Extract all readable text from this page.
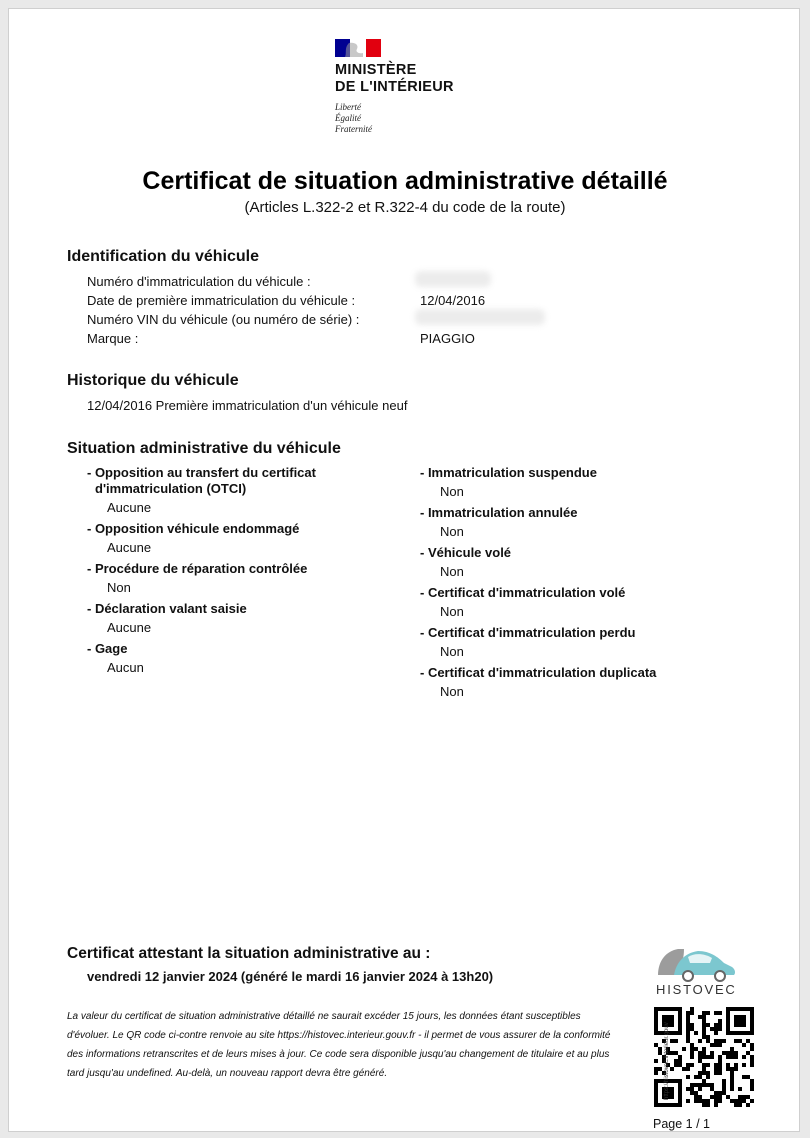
MINISTÈRE
DE L'INTÉRIEUR
Liberté
Égalité
Fraternité
Certificat de situation administrative détaillé
(Articles L.322-2 et R.322-4 du code de la route)
Identification du véhicule
Numéro d'immatriculation du véhicule :
Date de première immatriculation du véhicule :	12/04/2016
Numéro VIN du véhicule (ou numéro de série) :
Marque :	PIAGGIO
Historique du véhicule
12/04/2016 Première immatriculation d'un véhicule neuf
Situation administrative du véhicule
- Opposition au transfert du certificat
d'immatriculation (OTCI)
Aucune
- Opposition véhicule endommagé
Aucune
- Procédure de réparation contrôlée
Non
- Déclaration valant saisie
Aucune
- Gage
Aucun
- Immatriculation suspendue
Non
- Immatriculation annulée
Non
- Véhicule volé
Non
- Certificat d'immatriculation volé
Non
- Certificat d'immatriculation perdu
Non
- Certificat d'immatriculation duplicata
Non
Certificat attestant la situation administrative au :
vendredi 12 janvier 2024 (généré le mardi 16 janvier 2024 à 13h20)
La valeur du certificat de situation administrative détaillé ne saurait excéder 15 jours, les données étant susceptibles d'évoluer. Le QR code ci-contre renvoie au site https://histovec.interieur.gouv.fr - il permet de vous assurer de la conformité des informations retranscrites et de leurs mises à jour. Ce code sera disponible jusqu'au changement de titulaire et au plus tard jusqu'au undefined. Au-delà, un nouveau rapport devra être généré.
HISTOVEC
https://histovec.interieur.gouv
Page 1 / 1
